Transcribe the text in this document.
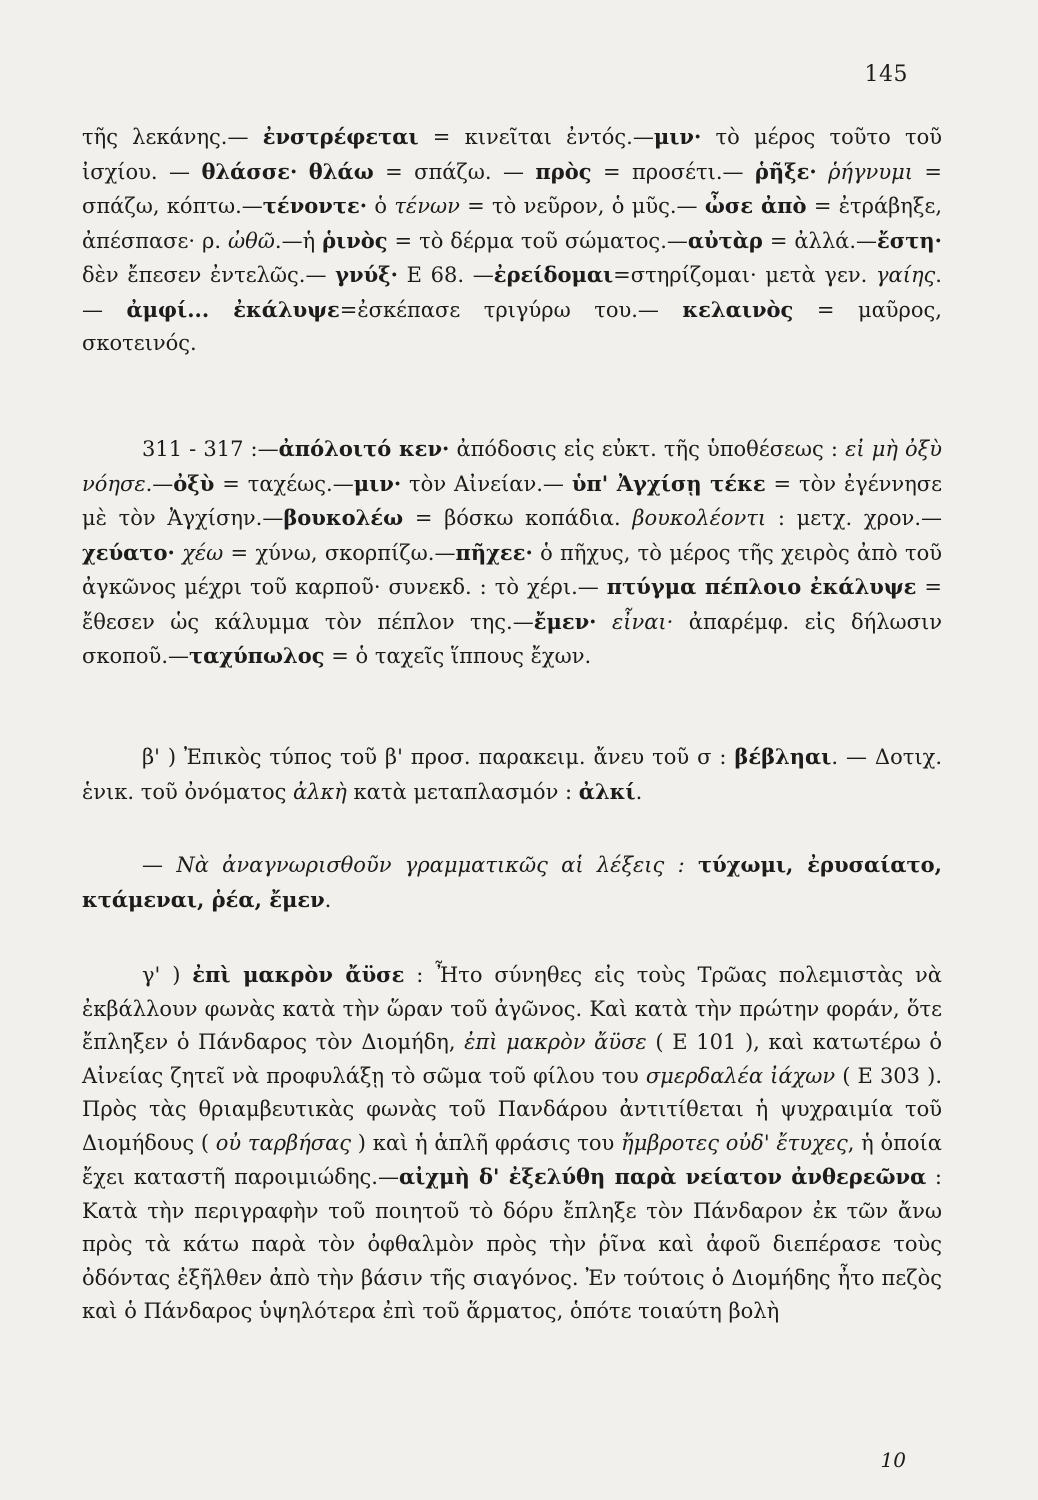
145

τῆς λεκάνης.— ἐνστρέφεται = κινεῖται ἐντός.—μιν· τὸ μέρος τοῦτο τοῦ ἰσχίου. — θλάσσε· θλάω = σπάζω. — πρὸς = προσέτι.— ῥῆξε· ῥήγνυμι = σπάζω, κόπτω.—τένοντε· ὁ τένων = τὸ νεῦρον, ὁ μῦς.— ὦσε ἀπὸ = ἐτράβηξε, ἀπέσπασε· ρ. ὠθῶ.—ἡ ῥινὸς = τὸ δέρμα τοῦ σώματος.—αὐτὰρ = ἀλλά.—ἔστη· δὲν ἔπεσεν ἐντελῶς.— γνύξ· Ε 68. —ἐρείδομαι=στηρίζομαι· μετὰ γεν. γαίης.— ἀμφί... ἐκάλυψε=ἐσκέπασε τριγύρω του.— κελαινὸς = μαῦρος, σκοτεινός.

311 - 317 :—ἀπόλοιτό κεν· ἀπόδοσις εἰς εὐκτ. τῆς ὑποθέσεως : εἰ μὴ ὀξὺ νόησε.—ὀξὺ = ταχέως.—μιν· τὸν Αἰνείαν.— ὑπ' Ἀγχίσῃ τέκε = τὸν ἐγέννησε μὲ τὸν Ἀγχίσην.—βουκολέω = βόσκω κοπάδια. βουκολέοντι : μετχ. χρον.—χεύατο· χέω = χύνω, σκορπίζω.—πῆχεε· ὁ πῆχυς, τὸ μέρος τῆς χειρὸς ἀπὸ τοῦ ἀγκῶνος μέχρι τοῦ καρποῦ· συνεκδ. : τὸ χέρι.— πτύγμα πέπλοιο ἐκάλυψε = ἔθεσεν ὡς κάλυμμα τὸν πέπλον της.—ἔμεν· εἶναι· ἀπαρέμφ. εἰς δήλωσιν σκοποῦ.—ταχύπωλος = ὁ ταχεῖς ἵππους ἔχων.

β' ) Ἐπικὸς τύπος τοῦ β' προσ. παρακειμ. ἄνευ τοῦ σ : βέβληαι. — Δοτιχ. ἑνικ. τοῦ ὀνόματος ἀλκὴ κατὰ μεταπλασμόν : ἀλκί.

— Νὰ ἀναγνωρισθοῦν γραμματικῶς αἱ λέξεις : τύχωμι, ἐρυσαίατο, κτάμεναι, ῥέα, ἔμεν.

γ' ) ἐπὶ μακρὸν ἄϋσε : Ἦτο σύνηθες εἰς τοὺς Τρῶας πολεμιστὰς νὰ ἐκβάλλουν φωνὰς κατὰ τὴν ὥραν τοῦ ἀγῶνος. Καὶ κατὰ τὴν πρώτην φοράν, ὅτε ἔπληξεν ὁ Πάνδαρος τὸν Διομήδη, ἐπὶ μακρὸν ἄϋσε ( Ε 101 ), καὶ κατωτέρω ὁ Αἰνείας ζητεῖ νὰ προφυλάξῃ τὸ σῶμα τοῦ φίλου του σμερδαλέα ἰάχων ( Ε 303 ). Πρὸς τὰς θριαμβευτικὰς φωνὰς τοῦ Πανδάρου ἀντιτίθεται ἡ ψυχραιμία τοῦ Διομήδους ( οὐ ταρβήσας ) καὶ ἡ ἁπλῆ φράσις του ἤμβροτες οὐδ' ἔτυχες, ἡ ὁποία ἔχει καταστῆ παροιμιώδης.—αἰχμὴ δ' ἐξελύθη παρὰ νείατον ἀνθερεῶνα : Κατὰ τὴν περιγραφὴν τοῦ ποιητοῦ τὸ δόρυ ἔπληξε τὸν Πάνδαρον ἐκ τῶν ἄνω πρὸς τὰ κάτω παρὰ τὸν ὀφθαλμὸν πρὸς τὴν ῥῖνα καὶ ἀφοῦ διεπέρασε τοὺς ὀδόντας ἐξῆλθεν ἀπὸ τὴν βάσιν τῆς σιαγόνος. Ἐν τούτοις ὁ Διομήδης ἦτο πεζὸς καὶ ὁ Πάνδαρος ὑψηλότερα ἐπὶ τοῦ ἅρματος, ὁπότε τοιαύτη βολὴ

10
